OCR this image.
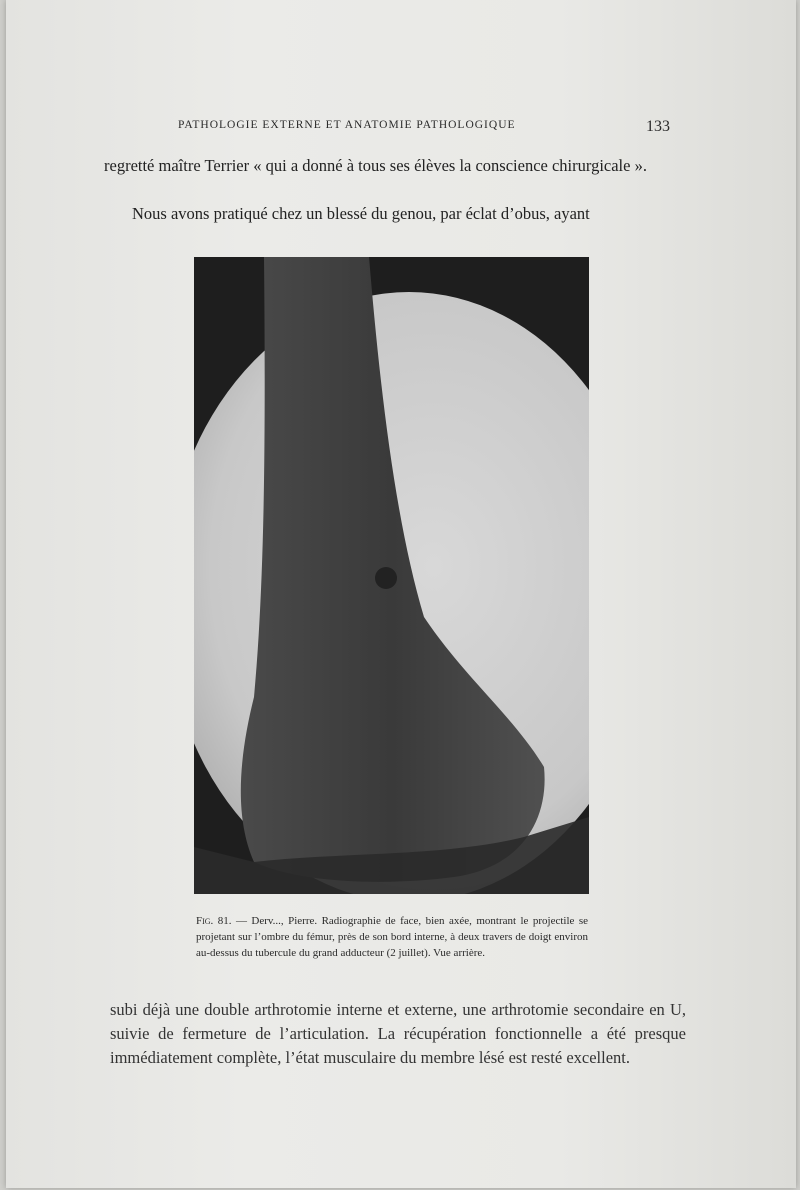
PATHOLOGIE EXTERNE ET ANATOMIE PATHOLOGIQUE	133
regretté maître Terrier « qui a donné à tous ses élèves la conscience chirurgicale ».
Nous avons pratiqué chez un blessé du genou, par éclat d’obus, ayant
Fig. 81. — Derv..., Pierre. Radiographie de face, bien axée, montrant le projectile se projetant sur l’ombre du fémur, près de son bord interne, à deux travers de doigt environ au-dessus du tubercule du grand adducteur (2 juillet). Vue arrière.
subi déjà une double arthrotomie interne et externe, une arthrotomie secondaire en U, suivie de fermeture de l’articulation. La récupération fonctionnelle a été presque immédiatement complète, l’état musculaire du membre lésé est resté excellent.
